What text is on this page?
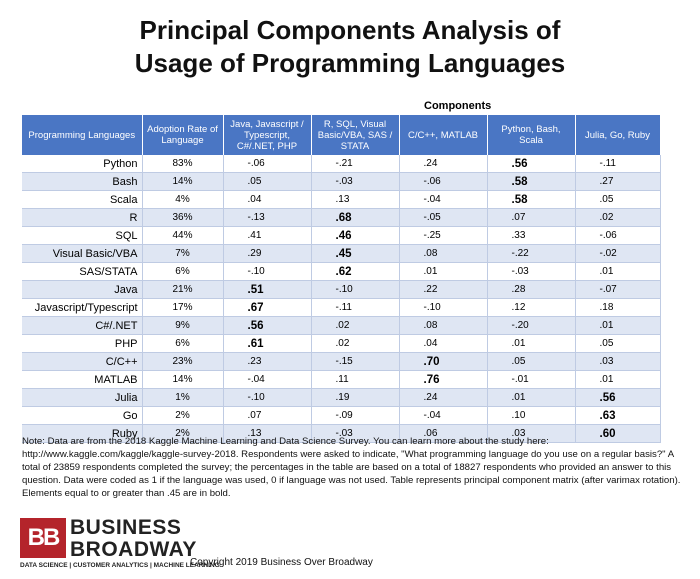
Principal Components Analysis of
Usage of Programming Languages
Components
Programming Languages	Adoption Rate of Language	Java, Javascript / Typescript, C#/.NET, PHP	R, SQL, Visual Basic/VBA, SAS / STATA	C/C++, MATLAB	Python, Bash, Scala	Julia, Go, Ruby
Python	83%	-.06	-.21	.24	.56	-.11
Bash	14%	.05	-.03	-.06	.58	.27
Scala	4%	.04	.13	-.04	.58	.05
R	36%	-.13	.68	-.05	.07	.02
SQL	44%	.41	.46	-.25	.33	-.06
Visual Basic/VBA	7%	.29	.45	.08	-.22	-.02
SAS/STATA	6%	-.10	.62	.01	-.03	.01
Java	21%	.51	-.10	.22	.28	-.07
Javascript/Typescript	17%	.67	-.11	-.10	.12	.18
C#/.NET	9%	.56	.02	.08	-.20	.01
PHP	6%	.61	.02	.04	.01	.05
C/C++	23%	.23	-.15	.70	.05	.03
MATLAB	14%	-.04	.11	.76	-.01	.01
Julia	1%	-.10	.19	.24	.01	.56
Go	2%	.07	-.09	-.04	.10	.63
Ruby	2%	.13	-.03	.06	.03	.60
Note: Data are from the 2018 Kaggle Machine Learning and Data Science Survey. You can learn more about the study here: http://www.kaggle.com/kaggle/kaggle-survey-2018. Respondents were asked to indicate, "What programming language do you use on a regular basis?" A total of 23859 respondents completed the survey; the percentages in the table are based on a total of 18827 respondents who provided an answer to this question. Data were coded as 1 if the language was used, 0 if language was not used. Table represents principal component matrix (after varimax rotation). Elements equal to or greater than .45 are in bold.
BB BUSINESS
BROADWAY
DATA SCIENCE | CUSTOMER ANALYTICS | MACHINE LEARNING
Copyright 2019 Business Over Broadway
